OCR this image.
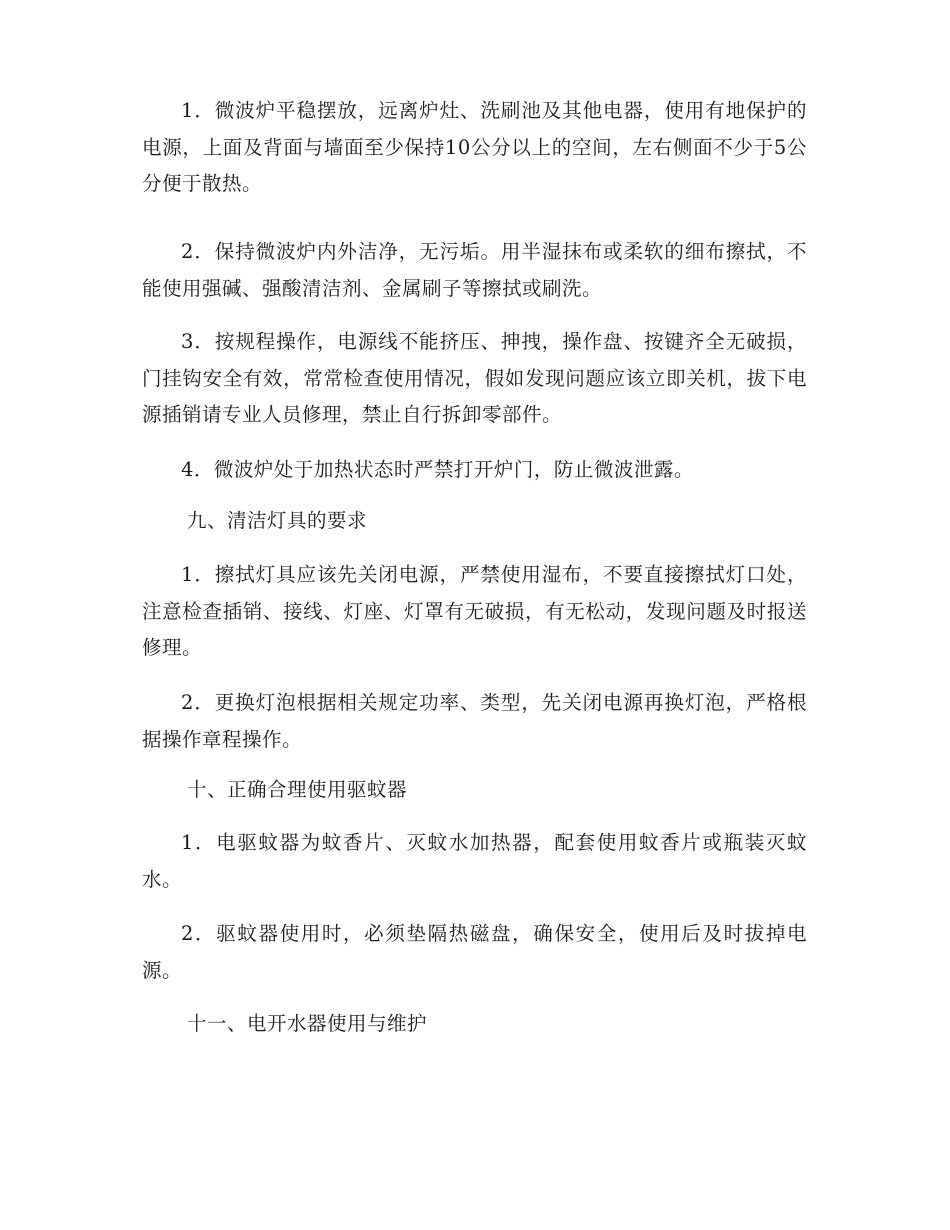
1．微波炉平稳摆放，远离炉灶、洗刷池及其他电器，使用有地保护的电源，上面及背面与墙面至少保持10公分以上的空间，左右侧面不少于5公分便于散热。

2．保持微波炉内外洁净，无污垢。用半湿抹布或柔软的细布擦拭，不能使用强碱、强酸清洁剂、金属刷子等擦拭或刷洗。

3．按规程操作，电源线不能挤压、抻拽，操作盘、按键齐全无破损，门挂钩安全有效，常常检查使用情况，假如发现问题应该立即关机，拔下电源插销请专业人员修理，禁止自行拆卸零部件。

4．微波炉处于加热状态时严禁打开炉门，防止微波泄露。

九、清洁灯具的要求

1．擦拭灯具应该先关闭电源，严禁使用湿布，不要直接擦拭灯口处，注意检查插销、接线、灯座、灯罩有无破损，有无松动，发现问题及时报送修理。

2．更换灯泡根据相关规定功率、类型，先关闭电源再换灯泡，严格根据操作章程操作。

十、正确合理使用驱蚊器

1．电驱蚊器为蚊香片、灭蚊水加热器，配套使用蚊香片或瓶装灭蚊水。

2．驱蚊器使用时，必须垫隔热磁盘，确保安全，使用后及时拔掉电源。

十一、电开水器使用与维护
